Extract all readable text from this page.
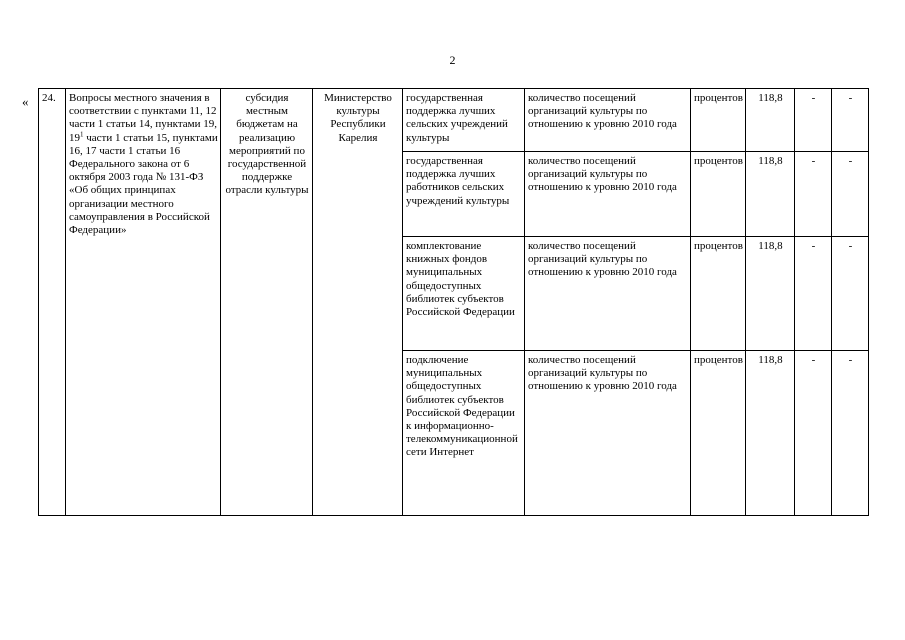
2
« 24.	Вопросы местного значения в соответствии с пунктами 11, 12 части 1 статьи 14, пунктами 19, $19^1$ части 1 статьи 15, пунктами 16, 17 части 1 статьи 16 Федерального закона от 6 октября 2003 года № 131-ФЗ «Об общих принципах организации местного самоуправления в Российской Федерации»	субсидия местным бюджетам на реализацию мероприятий по государственной поддержке отрасли культуры	Министерство культуры Республики Карелия	государственная поддержка лучших сельских учреждений культуры	количество посещений организаций культуры по отношению к уровню 2010 года	процентов	118,8	-	-
				государственная поддержка лучших работников сельских учреждений культуры	количество посещений организаций культуры по отношению к уровню 2010 года	процентов	118,8	-	-
				комплектование книжных фондов муниципальных общедоступных библиотек субъектов Российской Федерации	количество посещений организаций культуры по отношению к уровню 2010 года	процентов	118,8	-	-
				подключение муниципальных общедоступных библиотек субъектов Российской Федерации к информационно-телекоммуникационной сети Интернет	количество посещений организаций культуры по отношению к уровню 2010 года	процентов	118,8	-	-
